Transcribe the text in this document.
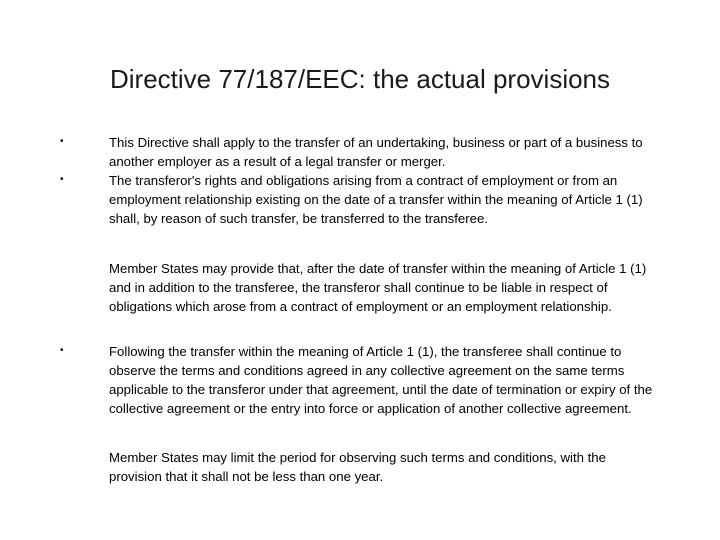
Directive 77/187/EEC: the actual provisions
•
•
•
This Directive shall apply to the transfer of an undertaking, business or part of a business to another employer as a result of a legal transfer or merger.
The transferor's rights and obligations arising from a contract of employment or from an employment relationship existing on the date of a transfer within the meaning of Article 1 (1) shall, by reason of such transfer, be transferred to the transferee.
Member States may provide that, after the date of transfer within the meaning of Article 1 (1) and in addition to the transferee, the transferor shall continue to be liable in respect of obligations which arose from a contract of employment or an employment relationship.
Following the transfer within the meaning of Article 1 (1), the transferee shall continue to observe the terms and conditions agreed in any collective agreement on the same terms applicable to the transferor under that agreement, until the date of termination or expiry of the collective agreement or the entry into force or application of another collective agreement.
Member States may limit the period for observing such terms and conditions, with the provision that it shall not be less than one year.
